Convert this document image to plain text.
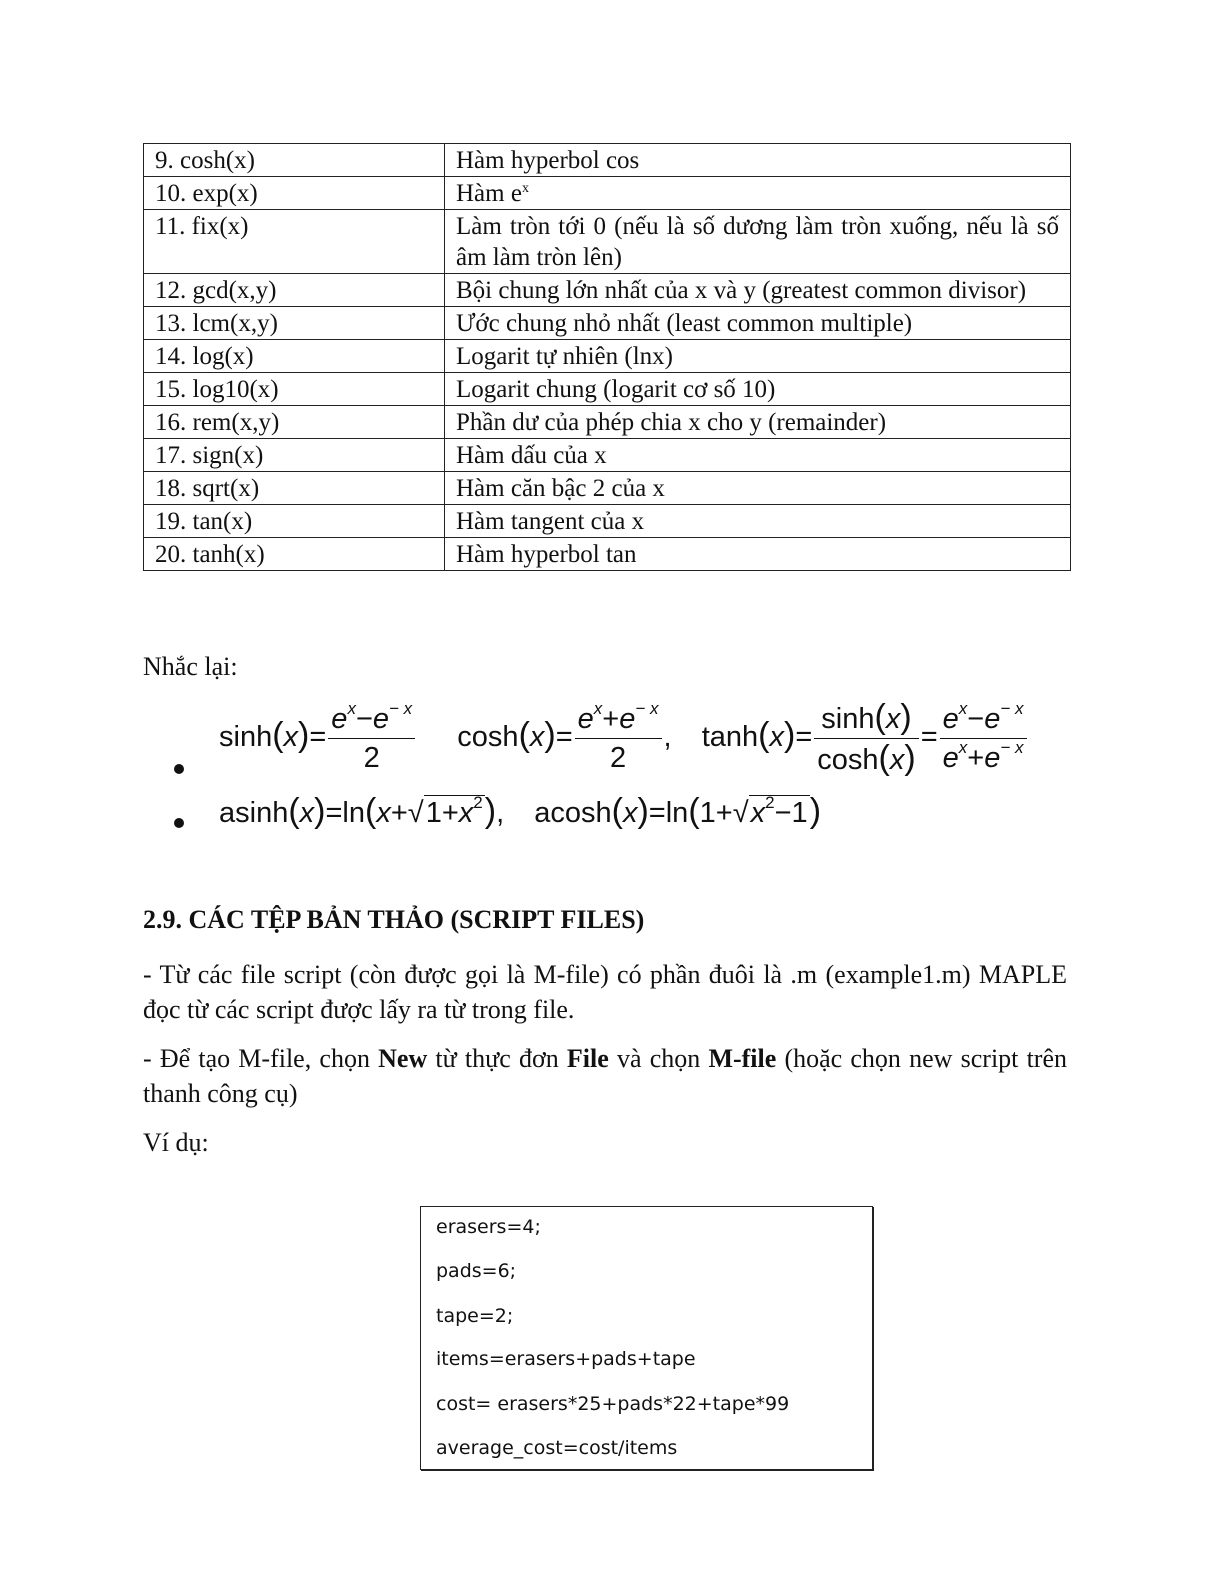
9. cosh(x)	Hàm hyperbol cos
10. exp(x)	Hàm $e^x$
11. fix(x)	Làm tròn tới 0 (nếu là số dương làm tròn xuống, nếu là số âm làm tròn lên)
12. gcd(x,y)	Bội chung lớn nhất của x và y (greatest common divisor)
13. lcm(x,y)	Ước chung nhỏ nhất (least common multiple)
14. log(x)	Logarit tự nhiên (lnx)
15. log10(x)	Logarit chung (logarit cơ số 10)
16. rem(x,y)	Phần dư của phép chia x cho y (remainder)
17. sign(x)	Hàm dấu của x
18. sqrt(x)	Hàm căn bậc 2 của x
19. tan(x)	Hàm tangent của x
20. tanh(x)	Hàm hyperbol tan
Nhắc lại:
$\sinh(x)= \frac{e^x-e^{- x}}{2} \cosh(x)= \frac{e^x+e^{- x}}{2}$ , $\tanh(x)= \frac{\sinh(x)}{\cosh(x)} = \frac{e^x-e^{- x}}{e^x+e^{- x}}$
$asinh(x)=\ln(x+√1+x^2)$, $acosh(x)=\ln(1+√x^2-1)$
2.9. CÁC TỆP BẢN THẢO (SCRIPT FILES)
- Từ các file script (còn được gọi là M-file) có phần đuôi là .m (example1.m) MAPLE đọc từ các script được lấy ra từ trong file.
- Để tạo M-file, chọn New từ thực đơn File và chọn M-file (hoặc chọn new script trên thanh công cụ)
Ví dụ:
erasers=4;
pads=6;
tape=2;
items=erasers+pads+tape
cost= erasers*25+pads*22+tape*99
average_cost=cost/items
